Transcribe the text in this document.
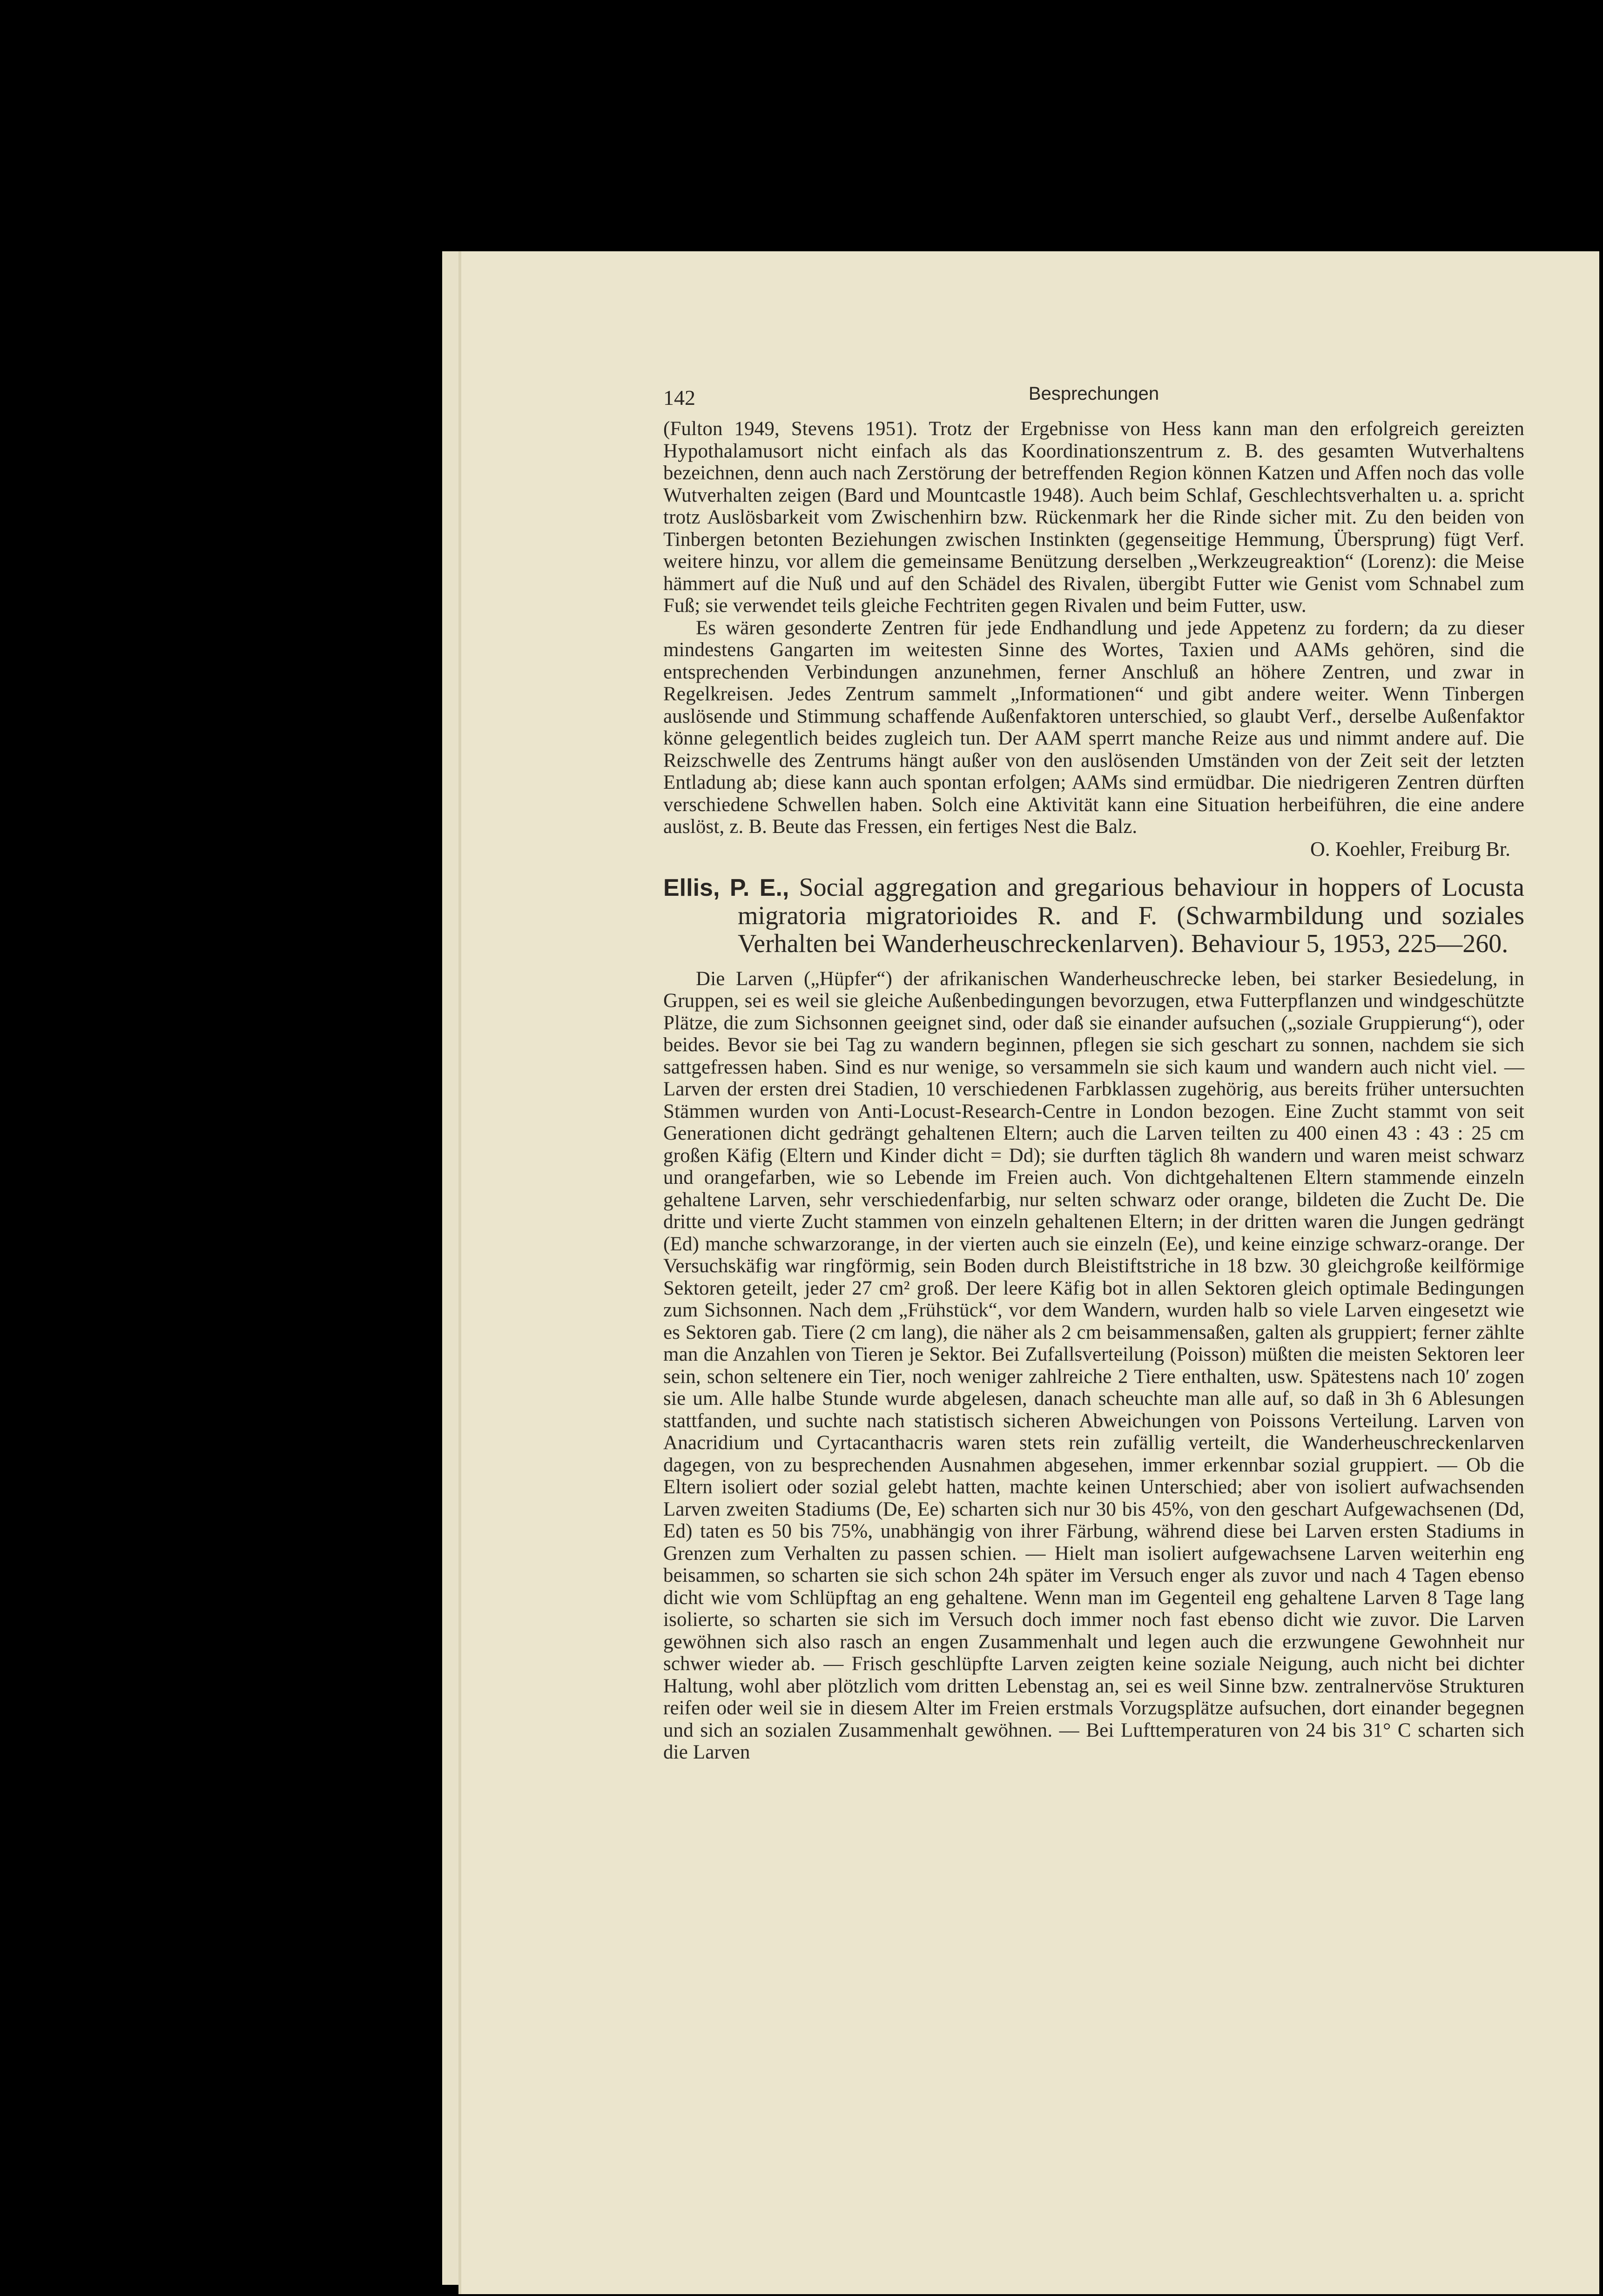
142	Besprechungen

(Fulton 1949, Stevens 1951). Trotz der Ergebnisse von Hess kann man den erfolgreich gereizten Hypothalamusort nicht einfach als das Koordinationszentrum z. B. des gesamten Wutverhaltens bezeichnen, denn auch nach Zerstörung der betreffenden Region können Katzen und Affen noch das volle Wutverhalten zeigen (Bard und Mountcastle 1948). Auch beim Schlaf, Geschlechtsverhalten u. a. spricht trotz Auslösbarkeit vom Zwischenhirn bzw. Rückenmark her die Rinde sicher mit. Zu den beiden von Tinbergen betonten Beziehungen zwischen Instinkten (gegenseitige Hemmung, Übersprung) fügt Verf. weitere hinzu, vor allem die gemeinsame Benützung derselben „Werkzeugreaktion“ (Lorenz): die Meise hämmert auf die Nuß und auf den Schädel des Rivalen, übergibt Futter wie Genist vom Schnabel zum Fuß; sie verwendet teils gleiche Fechtriten gegen Rivalen und beim Futter, usw.

Es wären gesonderte Zentren für jede Endhandlung und jede Appetenz zu fordern; da zu dieser mindestens Gangarten im weitesten Sinne des Wortes, Taxien und AAMs gehören, sind die entsprechenden Verbindungen anzunehmen, ferner Anschluß an höhere Zentren, und zwar in Regelkreisen. Jedes Zentrum sammelt „Informationen“ und gibt andere weiter. Wenn Tinbergen auslösende und Stimmung schaffende Außenfaktoren unterschied, so glaubt Verf., derselbe Außenfaktor könne gelegentlich beides zugleich tun. Der AAM sperrt manche Reize aus und nimmt andere auf. Die Reizschwelle des Zentrums hängt außer von den auslösenden Umständen von der Zeit seit der letzten Entladung ab; diese kann auch spontan erfolgen; AAMs sind ermüdbar. Die niedrigeren Zentren dürften verschiedene Schwellen haben. Solch eine Aktivität kann eine Situation herbeiführen, die eine andere auslöst, z. B. Beute das Fressen, ein fertiges Nest die Balz.

O. Koehler, Freiburg Br.

Ellis, P. E., Social aggregation and gregarious behaviour in hoppers of Locusta migratoria migratorioides R. and F. (Schwarmbildung und soziales Verhalten bei Wanderheuschreckenlarven). Behaviour 5, 1953, 225—260.

Die Larven („Hüpfer“) der afrikanischen Wanderheuschrecke leben, bei starker Besiedelung, in Gruppen, sei es weil sie gleiche Außenbedingungen bevorzugen, etwa Futterpflanzen und windgeschützte Plätze, die zum Sichsonnen geeignet sind, oder daß sie einander aufsuchen („soziale Gruppierung“), oder beides. Bevor sie bei Tag zu wandern beginnen, pflegen sie sich geschart zu sonnen, nachdem sie sich sattgefressen haben. Sind es nur wenige, so versammeln sie sich kaum und wandern auch nicht viel. — Larven der ersten drei Stadien, 10 verschiedenen Farbklassen zugehörig, aus bereits früher untersuchten Stämmen wurden von Anti-Locust-Research-Centre in London bezogen. Eine Zucht stammt von seit Generationen dicht gedrängt gehaltenen Eltern; auch die Larven teilten zu 400 einen 43 : 43 : 25 cm großen Käfig (Eltern und Kinder dicht = Dd); sie durften täglich 8h wandern und waren meist schwarz und orangefarben, wie so Lebende im Freien auch. Von dichtgehaltenen Eltern stammende einzeln gehaltene Larven, sehr verschiedenfarbig, nur selten schwarz oder orange, bildeten die Zucht De. Die dritte und vierte Zucht stammen von einzeln gehaltenen Eltern; in der dritten waren die Jungen gedrängt (Ed) manche schwarzorange, in der vierten auch sie einzeln (Ee), und keine einzige schwarz-orange. Der Versuchskäfig war ringförmig, sein Boden durch Bleistiftstriche in 18 bzw. 30 gleichgroße keilförmige Sektoren geteilt, jeder 27 cm² groß. Der leere Käfig bot in allen Sektoren gleich optimale Bedingungen zum Sichsonnen. Nach dem „Frühstück“, vor dem Wandern, wurden halb so viele Larven eingesetzt wie es Sektoren gab. Tiere (2 cm lang), die näher als 2 cm beisammensaßen, galten als gruppiert; ferner zählte man die Anzahlen von Tieren je Sektor. Bei Zufallsverteilung (Poisson) müßten die meisten Sektoren leer sein, schon seltenere ein Tier, noch weniger zahlreiche 2 Tiere enthalten, usw. Spätestens nach 10′ zogen sie um. Alle halbe Stunde wurde abgelesen, danach scheuchte man alle auf, so daß in 3h 6 Ablesungen stattfanden, und suchte nach statistisch sicheren Abweichungen von Poissons Verteilung. Larven von Anacridium und Cyrtacanthacris waren stets rein zufällig verteilt, die Wanderheuschreckenlarven dagegen, von zu besprechenden Ausnahmen abgesehen, immer erkennbar sozial gruppiert. — Ob die Eltern isoliert oder sozial gelebt hatten, machte keinen Unterschied; aber von isoliert aufwachsenden Larven zweiten Stadiums (De, Ee) scharten sich nur 30 bis 45%, von den geschart Aufgewachsenen (Dd, Ed) taten es 50 bis 75%, unabhängig von ihrer Färbung, während diese bei Larven ersten Stadiums in Grenzen zum Verhalten zu passen schien. — Hielt man isoliert aufgewachsene Larven weiterhin eng beisammen, so scharten sie sich schon 24h später im Versuch enger als zuvor und nach 4 Tagen ebenso dicht wie vom Schlüpftag an eng gehaltene. Wenn man im Gegenteil eng gehaltene Larven 8 Tage lang isolierte, so scharten sie sich im Versuch doch immer noch fast ebenso dicht wie zuvor. Die Larven gewöhnen sich also rasch an engen Zusammenhalt und legen auch die erzwungene Gewohnheit nur schwer wieder ab. — Frisch geschlüpfte Larven zeigten keine soziale Neigung, auch nicht bei dichter Haltung, wohl aber plötzlich vom dritten Lebenstag an, sei es weil Sinne bzw. zentralnervöse Strukturen reifen oder weil sie in diesem Alter im Freien erstmals Vorzugsplätze aufsuchen, dort einander begegnen und sich an sozialen Zusammenhalt gewöhnen. — Bei Lufttemperaturen von 24 bis 31° C scharten sich die Larven
